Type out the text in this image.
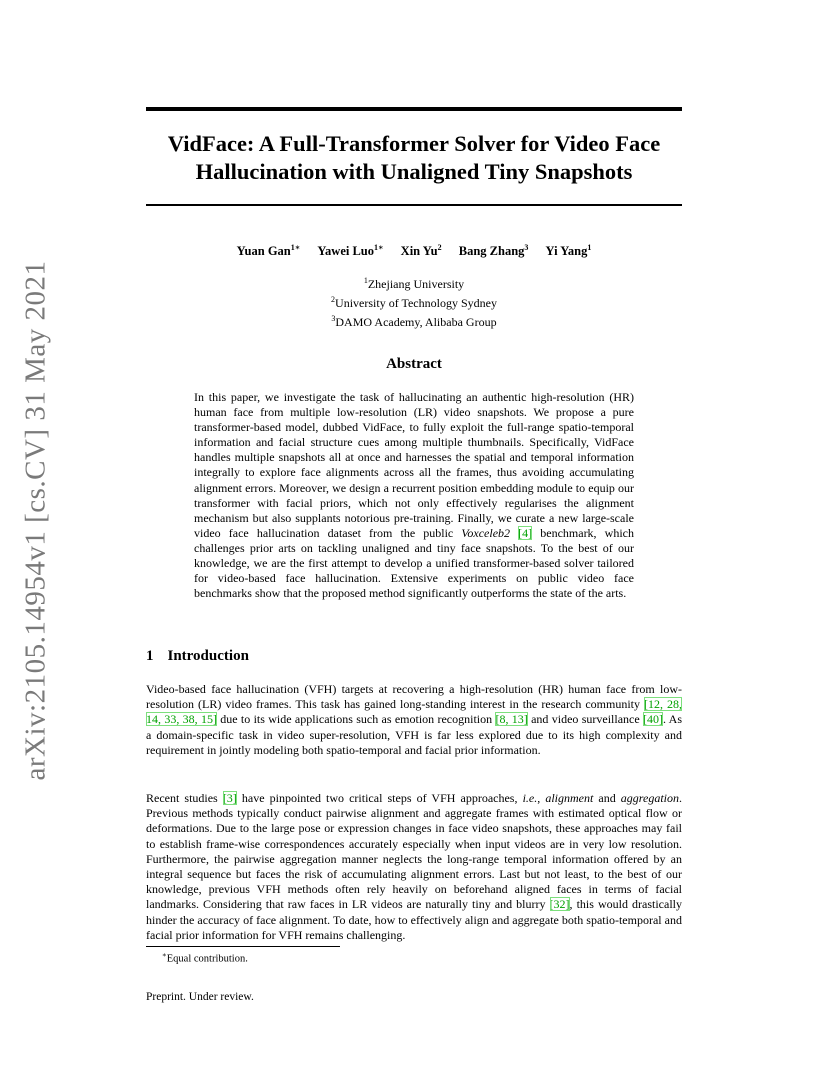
arXiv:2105.14954v1 [cs.CV] 31 May 2021
VidFace: A Full-Transformer Solver for Video Face Hallucination with Unaligned Tiny Snapshots
Yuan Gan$^{1∗}$ Yawei Luo$^{1∗}$ Xin Yu$^2$ Bang Zhang$^3$ Yi Yang$^1$
$^1$Zhejiang University
$^2$University of Technology Sydney
$^3$DAMO Academy, Alibaba Group
Abstract

In this paper, we investigate the task of hallucinating an authentic high-resolution (HR) human face from multiple low-resolution (LR) video snapshots. We propose a pure transformer-based model, dubbed VidFace, to fully exploit the full-range spatio-temporal information and facial structure cues among multiple thumbnails. Specifically, VidFace handles multiple snapshots all at once and harnesses the spatial and temporal information integrally to explore face alignments across all the frames, thus avoiding accumulating alignment errors. Moreover, we design a recurrent position embedding module to equip our transformer with facial priors, which not only effectively regularises the alignment mechanism but also supplants notorious pre-training. Finally, we curate a new large-scale video face hallucination dataset from the public Voxceleb2 [4] benchmark, which challenges prior arts on tackling unaligned and tiny face snapshots. To the best of our knowledge, we are the first attempt to develop a unified transformer-based solver tailored for video-based face hallucination. Extensive experiments on public video face benchmarks show that the proposed method significantly outperforms the state of the arts.

1 Introduction

Video-based face hallucination (VFH) targets at recovering a high-resolution (HR) human face from low-resolution (LR) video frames. This task has gained long-standing interest in the research community [12, 28, 14, 33, 38, 15] due to its wide applications such as emotion recognition [8, 13] and video surveillance [40]. As a domain-specific task in video super-resolution, VFH is far less explored due to its high complexity and requirement in jointly modeling both spatio-temporal and facial prior information.

Recent studies [3] have pinpointed two critical steps of VFH approaches, i.e., alignment and aggregation. Previous methods typically conduct pairwise alignment and aggregate frames with estimated optical flow or deformations. Due to the large pose or expression changes in face video snapshots, these approaches may fail to establish frame-wise correspondences accurately especially when input videos are in very low resolution. Furthermore, the pairwise aggregation manner neglects the long-range temporal information offered by an integral sequence but faces the risk of accumulating alignment errors. Last but not least, to the best of our knowledge, previous VFH methods often rely heavily on beforehand aligned faces in terms of facial landmarks. Considering that raw faces in LR videos are naturally tiny and blurry [32], this would drastically hinder the accuracy of face alignment. To date, how to effectively align and aggregate both spatio-temporal and facial prior information for VFH remains challenging.

∗Equal contribution.
Preprint. Under review.
